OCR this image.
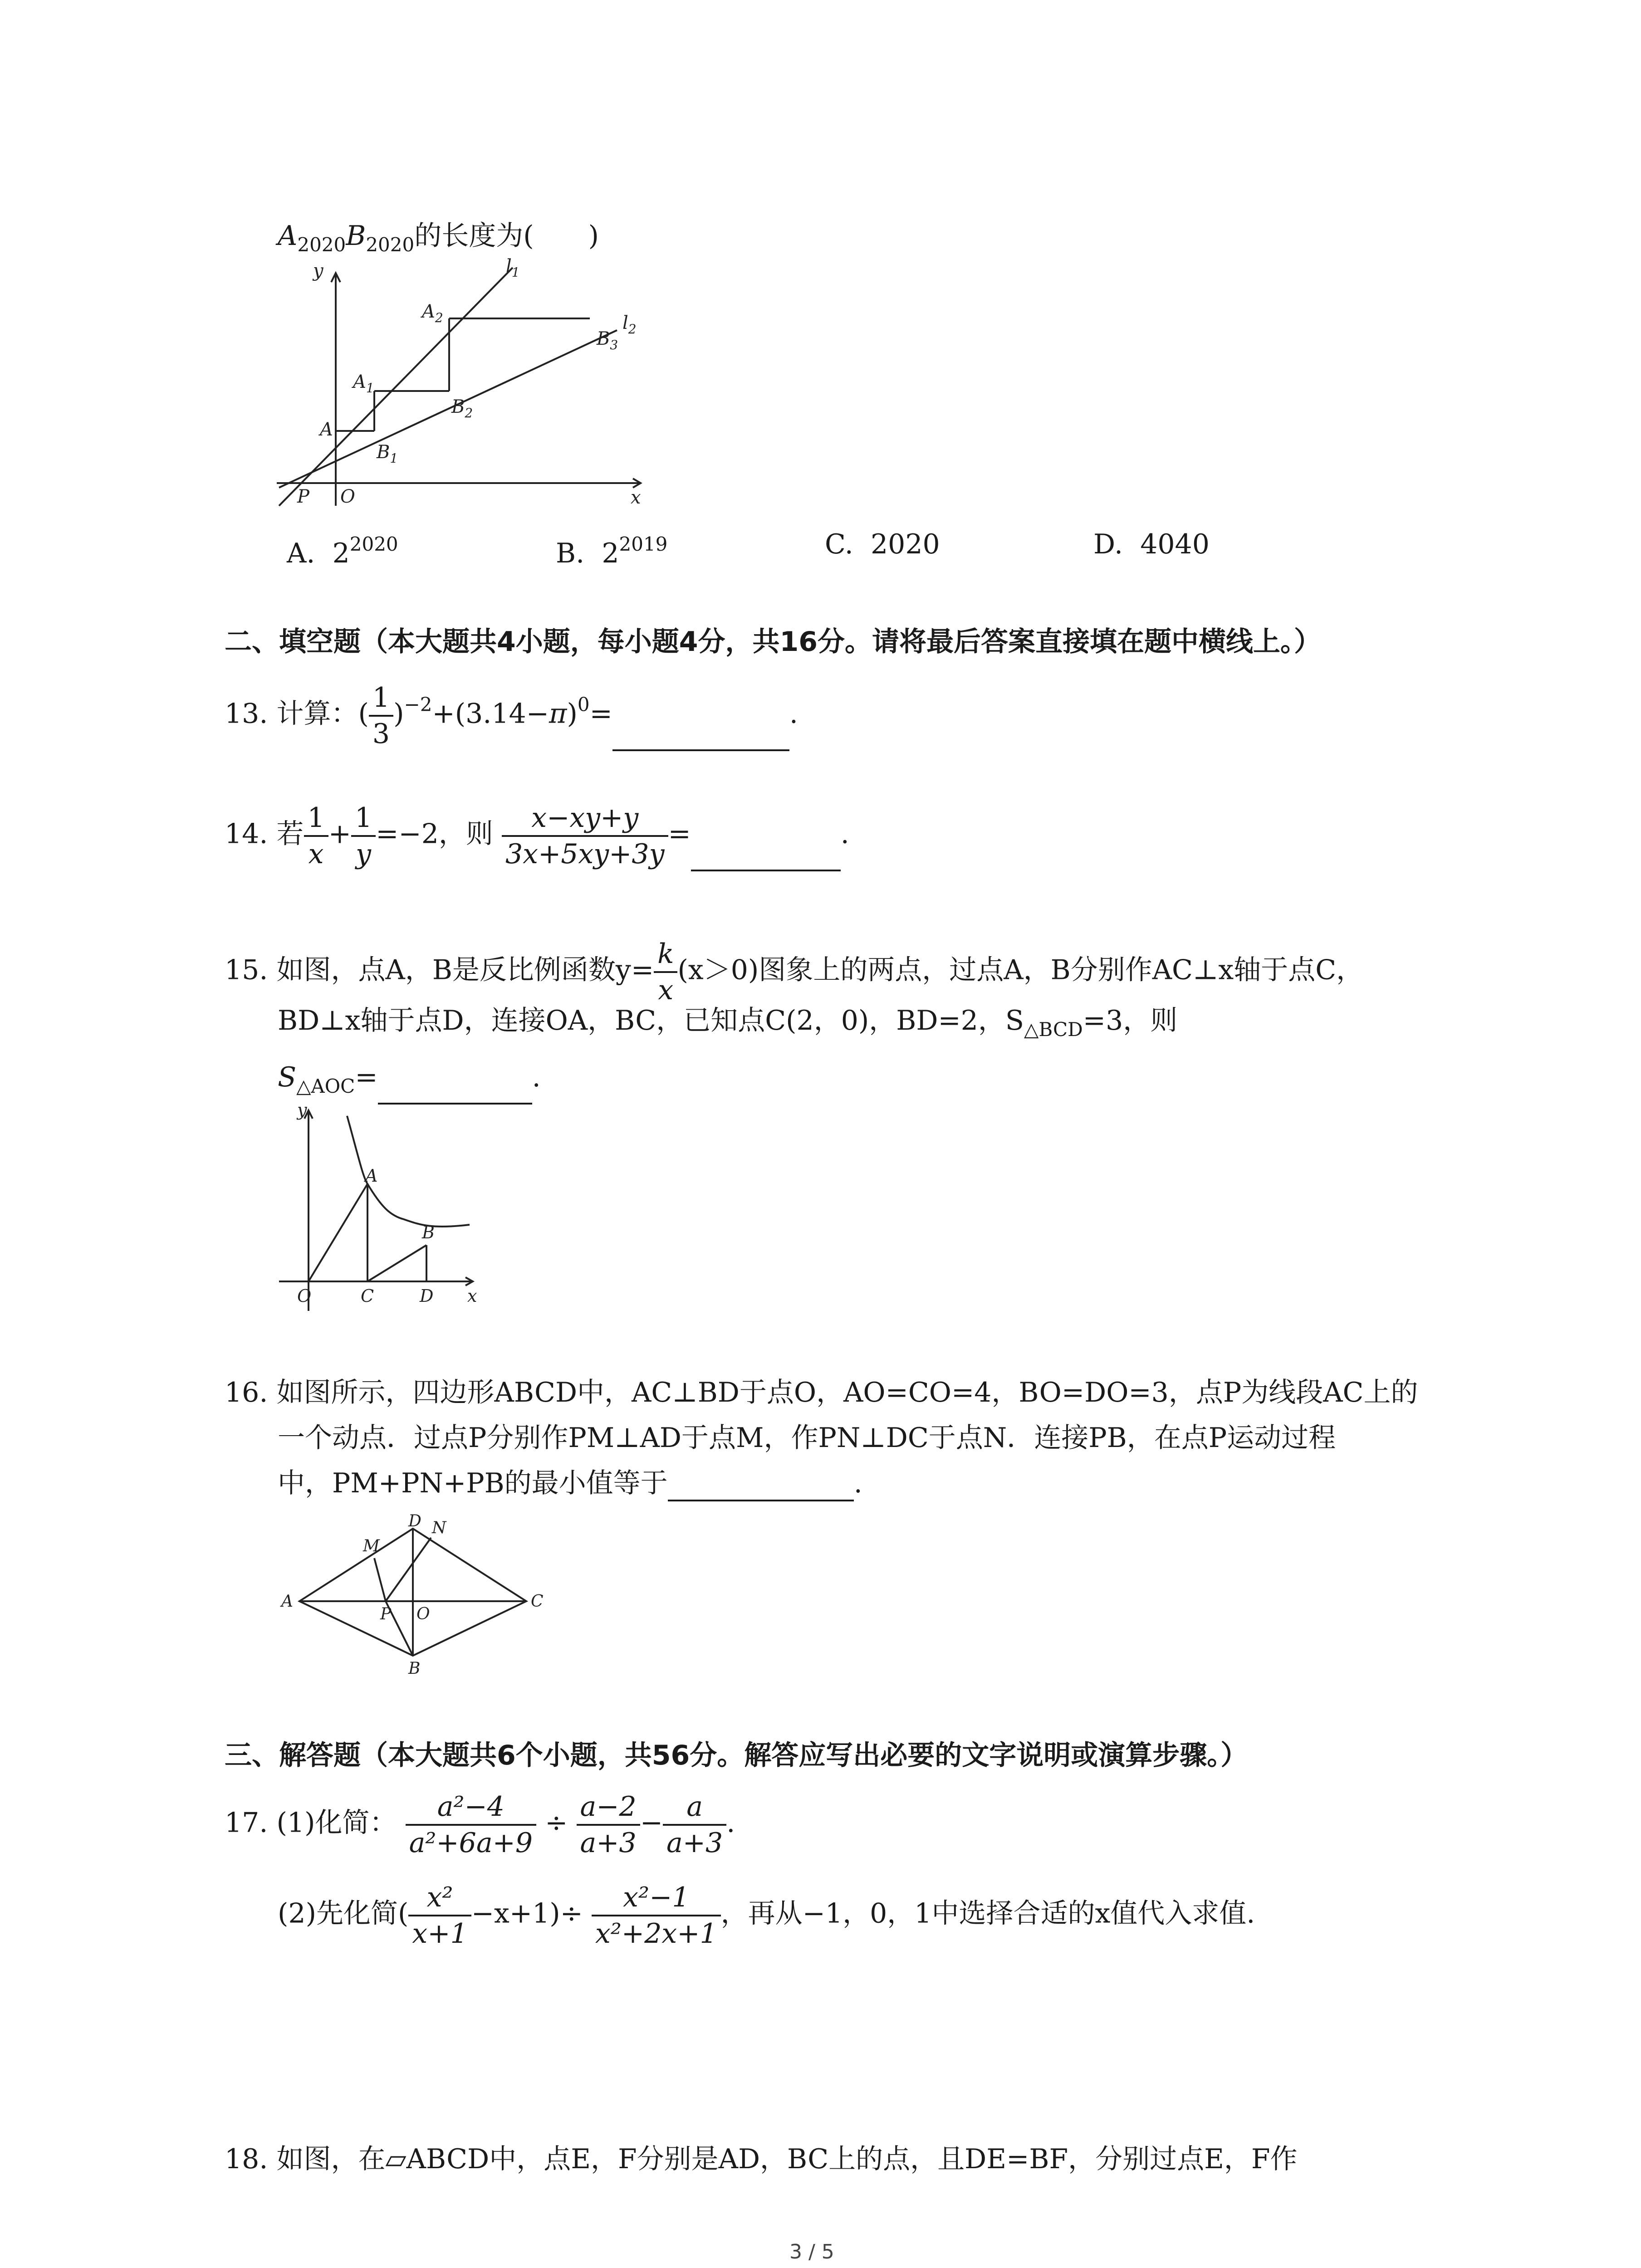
$A_{2020}B_{2020}$的长度为(　　)
y
x
$l_1$
$l_2$
A
$A_1$
$A_2$
$B_1$
$B_2$
$B_3$
P O
A. $2^{2020}$	B. $2^{2019}$	C. 2020	D. 4040
二、填空题（本大题共4小题，每小题4分，共16分。请将最后答案直接填在题中横线上。）
13. 计算：( $\frac{1}{3} )^{-2}+(3.14-\pi)^0=$	.
14. 若 $\frac{1}{x} + \frac{1}{y} =-2$，则 $\frac{x-xy+y}{3x+5xy+3y}$ =	.
15. 如图，点A，B是反比例函数$y= \frac{k}{x} (x>0)$图象上的两点，过点A，B分别作AC⊥x轴于点C，
BD⊥x轴于点D，连接OA，BC，已知点C(2，0)，BD=2，$S_{\triangle BCD}=3$，则
$S_{\triangle AOC}=$	.
y
x
A
B
O	C	D
16. 如图所示，四边形ABCD中，AC⊥BD于点O，AO=CO=4，BO=DO=3，点P为线段AC上的
一个动点．过点P分别作PM⊥AD于点M，作PN⊥DC于点N．连接PB，在点P运动过程
中，PM+PN+PB的最小值等于	.
A	C
D
B
M
N
P O
三、解答题（本大题共6个小题，共56分。解答应写出必要的文字说明或演算步骤。）
17. (1)化简： $\frac{\text{a²−4}}{\text{a²+6a+9}} \div \frac{a-2}{a+3} - \frac{a}{a+3}$ .
(2)先化简( $\frac{\text{x²}}{x+1} -x+1)\div \frac{\text{x²−1}}{\text{x²+2x+1}}$ ，再从−1，0，1中选择合适的x值代入求值.
18. 如图，在▱ABCD中，点E，F分别是AD，BC上的点，且DE=BF，分别过点E，F作
3 / 5
